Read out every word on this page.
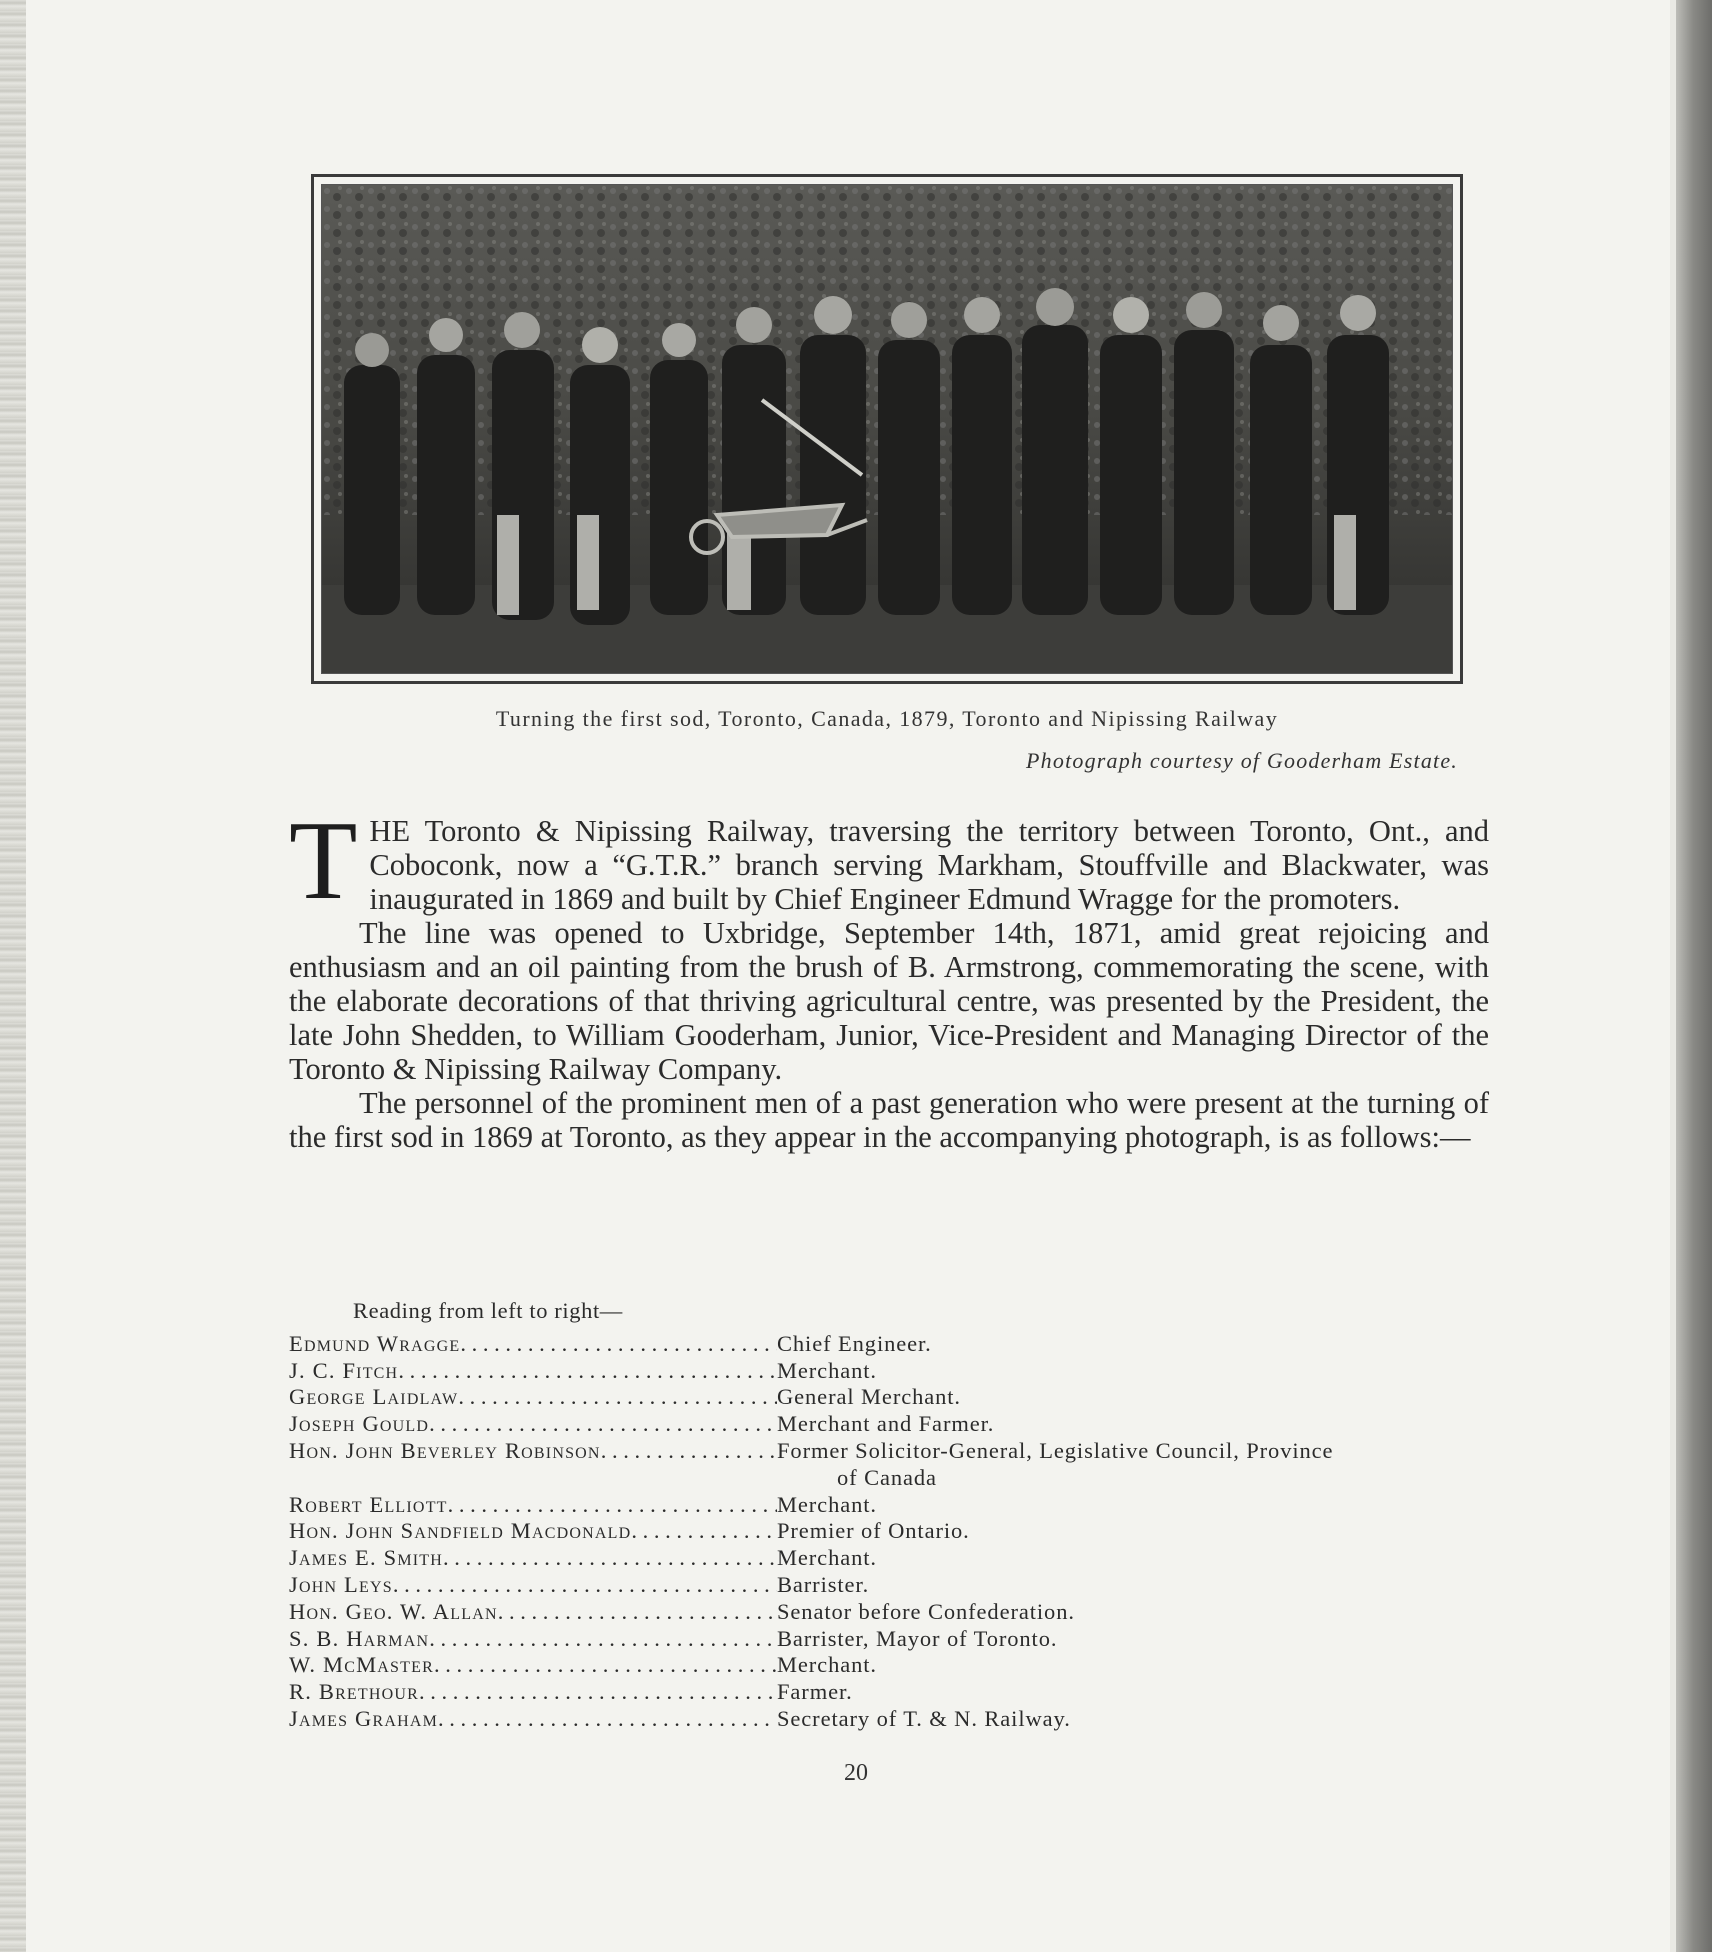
Turning the first sod, Toronto, Canada, 1879, Toronto and Nipissing Railway
Photograph courtesy of Gooderham Estate.

THE Toronto & Nipissing Railway, traversing the territory between Toronto, Ont., and Coboconk, now a “G.T.R.” branch serving Markham, Stouffville and Blackwater, was inaugurated in 1869 and built by Chief Engineer Edmund Wragge for the promoters.

The line was opened to Uxbridge, September 14th, 1871, amid great rejoicing and enthusiasm and an oil painting from the brush of B. Armstrong, commemorating the scene, with the elaborate decorations of that thriving agricultural centre, was presented by the President, the late John Shedden, to William Gooderham, Junior, Vice-President and Managing Director of the Toronto & Nipissing Railway Company.

The personnel of the prominent men of a past generation who were present at the turning of the first sod in 1869 at Toronto, as they appear in the accompanying photograph, is as follows:—

Reading from left to right—
Edmund Wragge . . .	Chief Engineer.
J. C. Fitch . . .	Merchant.
George Laidlaw . . .	General Merchant.
Joseph Gould . . .	Merchant and Farmer.
Hon. John Beverley Robinson . . .	Former Solicitor-General, Legislative Council, Province
of Canada
Robert Elliott . . .	Merchant.
Hon. John Sandfield Macdonald . . .	Premier of Ontario.
James E. Smith . . .	Merchant.
John Leys . . .	Barrister.
Hon. Geo. W. Allan . . .	Senator before Confederation.
S. B. Harman . . .	Barrister, Mayor of Toronto.
W. McMaster . . .	Merchant.
R. Brethour . . .	Farmer.
James Graham . . .	Secretary of T. & N. Railway.
20
